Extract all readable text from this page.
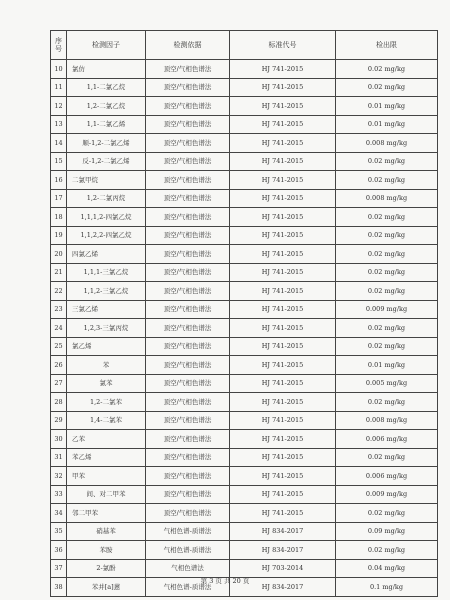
序
号	检测因子	检测依据	标准代号	检出限
10	氯仿	顶空/气相色谱法	HJ 741-2015	0.02 mg/kg
11	1,1-二氯乙烷	顶空/气相色谱法	HJ 741-2015	0.02 mg/kg
12	1,2-二氯乙烷	顶空/气相色谱法	HJ 741-2015	0.01 mg/kg
13	1,1-二氯乙烯	顶空/气相色谱法	HJ 741-2015	0.01 mg/kg
14	顺-1,2-二氯乙烯	顶空/气相色谱法	HJ 741-2015	0.008 mg/kg
15	反-1,2-二氯乙烯	顶空/气相色谱法	HJ 741-2015	0.02 mg/kg
16	二氯甲烷	顶空/气相色谱法	HJ 741-2015	0.02 mg/kg
17	1,2-二氯丙烷	顶空/气相色谱法	HJ 741-2015	0.008 mg/kg
18	1,1,1,2-四氯乙烷	顶空/气相色谱法	HJ 741-2015	0.02 mg/kg
19	1,1,2,2-四氯乙烷	顶空/气相色谱法	HJ 741-2015	0.02 mg/kg
20	四氯乙烯	顶空/气相色谱法	HJ 741-2015	0.02 mg/kg
21	1,1,1-三氯乙烷	顶空/气相色谱法	HJ 741-2015	0.02 mg/kg
22	1,1,2-三氯乙烷	顶空/气相色谱法	HJ 741-2015	0.02 mg/kg
23	三氯乙烯	顶空/气相色谱法	HJ 741-2015	0.009 mg/kg
24	1,2,3-三氯丙烷	顶空/气相色谱法	HJ 741-2015	0.02 mg/kg
25	氯乙烯	顶空/气相色谱法	HJ 741-2015	0.02 mg/kg
26	苯	顶空/气相色谱法	HJ 741-2015	0.01 mg/kg
27	氯苯	顶空/气相色谱法	HJ 741-2015	0.005 mg/kg
28	1,2-二氯苯	顶空/气相色谱法	HJ 741-2015	0.02 mg/kg
29	1,4-二氯苯	顶空/气相色谱法	HJ 741-2015	0.008 mg/kg
30	乙苯	顶空/气相色谱法	HJ 741-2015	0.006 mg/kg
31	苯乙烯	顶空/气相色谱法	HJ 741-2015	0.02 mg/kg
32	甲苯	顶空/气相色谱法	HJ 741-2015	0.006 mg/kg
33	间、对二甲苯	顶空/气相色谱法	HJ 741-2015	0.009 mg/kg
34	邻二甲苯	顶空/气相色谱法	HJ 741-2015	0.02 mg/kg
35	硝基苯	气相色谱-质谱法	HJ 834-2017	0.09 mg/kg
36	苯胺	气相色谱-质谱法	HJ 834-2017	0.02 mg/kg
37	2-氯酚	气相色谱法	HJ 703-2014	0.04 mg/kg
38	苯并[a]蒽	气相色谱-质谱法	HJ 834-2017	0.1 mg/kg
第 3 页 共 20 页
